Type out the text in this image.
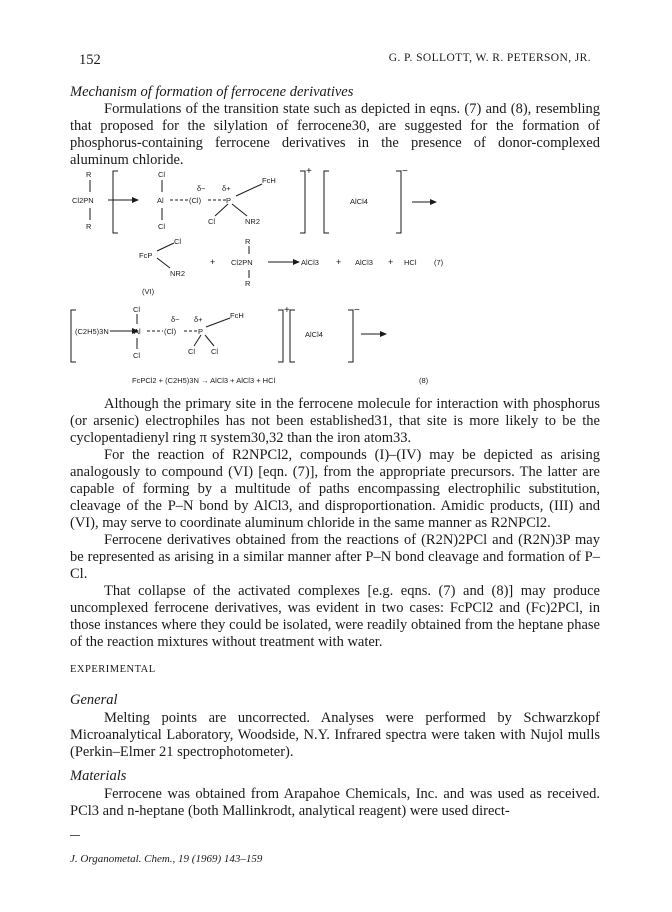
152	G. P. SOLLOTT, W. R. PETERSON, JR.
Mechanism of formation of ferrocene derivatives

Formulations of the transition state such as depicted in eqns. (7) and (8), resembling that proposed for the silylation of ferrocene30, are suggested for the formation of phosphorus-containing ferrocene derivatives in the presence of donor-complexed aluminum chloride.

R	Cl
Cl2PN	Al	(Cl)	P
δ− δ+
FcH
R	Cl
Cl	NR2
+	−
AlCl4
FcP
Cl
NR2
(VI)
+
R
Cl2PN
R
AlCl3 + AlCl3 + HCl (7)
Cl
(C2H5)3N	Al	(Cl)	P
δ− δ+	FcH
Cl	Cl Cl
+	−
AlCl4
FcPCl2 + (C2H5)3N → AlCl3 + AlCl3 + HCl	(8)

Although the primary site in the ferrocene molecule for interaction with phosphorus (or arsenic) electrophiles has not been established31, that site is more likely to be the cyclopentadienyl ring π system30,32 than the iron atom33.

For the reaction of R2NPCl2, compounds (I)–(IV) may be depicted as arising analogously to compound (VI) [eqn. (7)], from the appropriate precursors. The latter are capable of forming by a multitude of paths encompassing electrophilic substitution, cleavage of the P–N bond by AlCl3, and disproportionation. Amidic products, (III) and (VI), may serve to coordinate aluminum chloride in the same manner as R2NPCl2.

Ferrocene derivatives obtained from the reactions of (R2N)2PCl and (R2N)3P may be represented as arising in a similar manner after P–N bond cleavage and formation of P–Cl.

That collapse of the activated complexes [e.g. eqns. (7) and (8)] may produce uncomplexed ferrocene derivatives, was evident in two cases: FcPCl2 and (Fc)2PCl, in those instances where they could be isolated, were readily obtained from the heptane phase of the reaction mixtures without treatment with water.

EXPERIMENTAL
General

Melting points are uncorrected. Analyses were performed by Schwarzkopf Microanalytical Laboratory, Woodside, N.Y. Infrared spectra were taken with Nujol mulls (Perkin–Elmer 21 spectrophotometer).

Materials

Ferrocene was obtained from Arapahoe Chemicals, Inc. and was used as received. PCl3 and n-heptane (both Mallinkrodt, analytical reagent) were used direct-

J. Organometal. Chem., 19 (1969) 143–159
